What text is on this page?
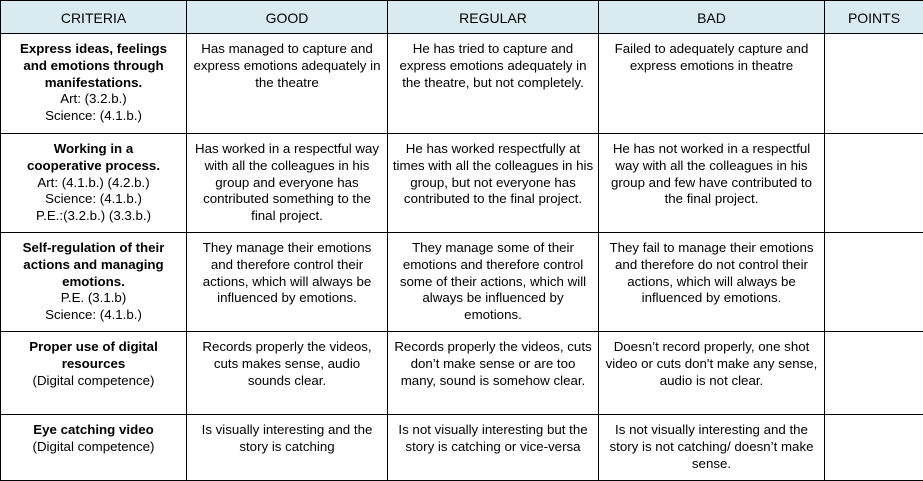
CRITERIA	GOOD	REGULAR	BAD	POINTS

Express ideas, feelings
and emotions through
manifestations.
Art: (3.2.b.)
Science: (4.1.b.)	Has managed to capture and express emotions adequately in the theatre	He has tried to capture and express emotions adequately in the theatre, but not completely.	Failed to adequately capture and express emotions in theatre	

Working in a
cooperative process.
Art: (4.1.b.) (4.2.b.)
Science: (4.1.b.)
P.E.:(3.2.b.) (3.3.b.)	Has worked in a respectful way with all the colleagues in his group and everyone has contributed something to the final project.	He has worked respectfully at times with all the colleagues in his group, but not everyone has contributed to the final project.	He has not worked in a respectful way with all the colleagues in his group and few have contributed to the final project.	

Self-regulation of their
actions and managing
emotions.
P.E. (3.1.b)
Science: (4.1.b.)	They manage their emotions and therefore control their actions, which will always be influenced by emotions.	They manage some of their emotions and therefore control some of their actions, which will always be influenced by emotions.	They fail to manage their emotions and therefore do not control their actions, which will always be influenced by emotions.	

Proper use of digital
resources
(Digital competence)	Records properly the videos, cuts makes sense, audio sounds clear.	Records properly the videos, cuts don’t make sense or are too many, sound is somehow clear.	Doesn’t record properly, one shot video or cuts don't make any sense, audio is not clear.	

Eye catching video
(Digital competence)	Is visually interesting and the story is catching	Is not visually interesting but the story is catching or vice-versa	Is not visually interesting and the story is not catching/ doesn’t make sense.	
